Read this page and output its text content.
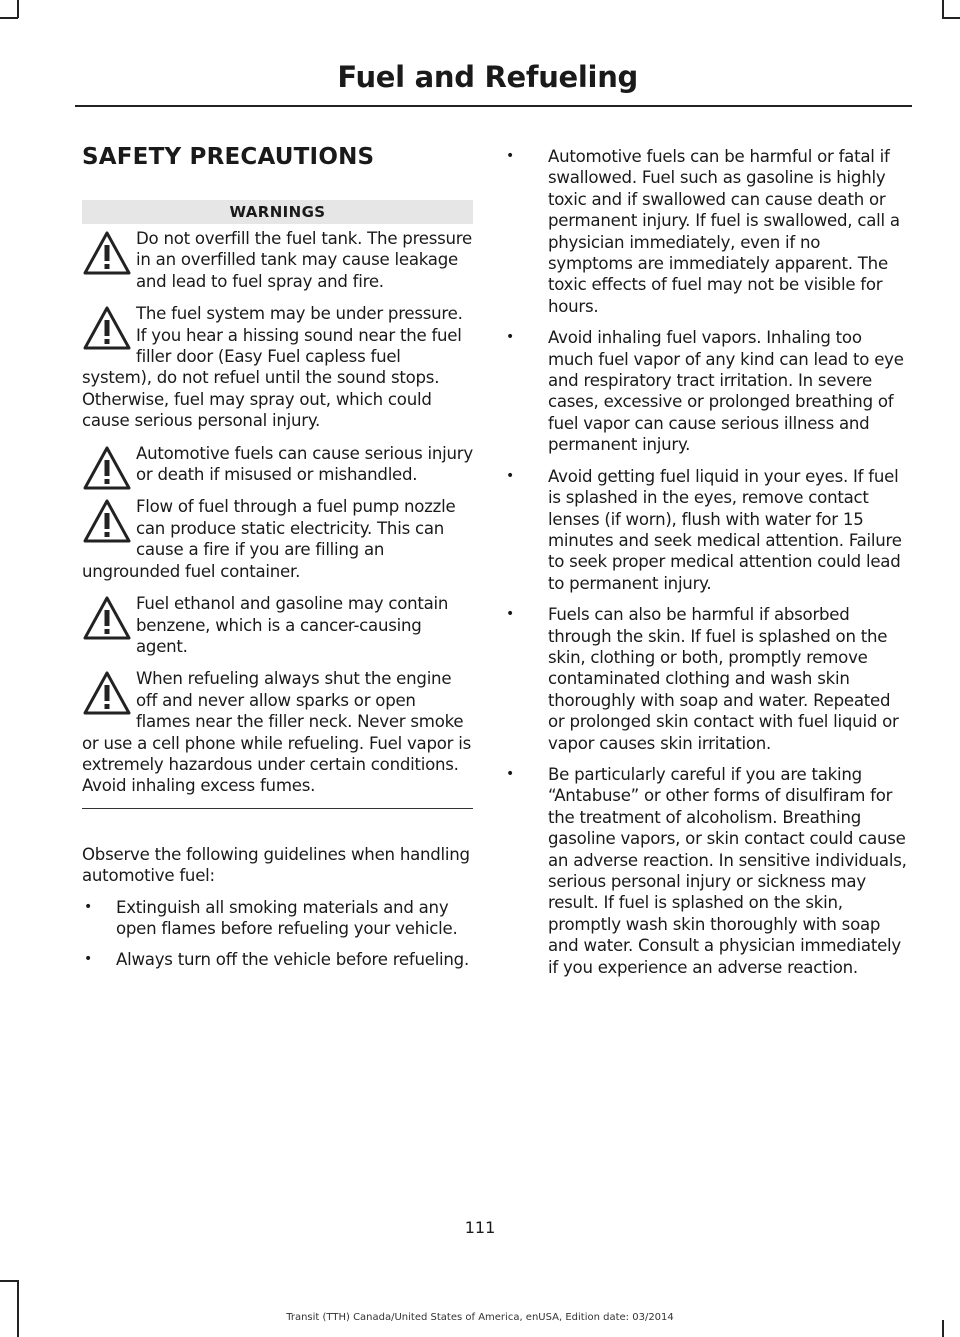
Fuel and Refueling
SAFETY PRECAUTIONS
WARNINGS
Do not overfill the fuel tank. The pressure in an overfilled tank may cause leakage and lead to fuel spray and fire.
The fuel system may be under pressure. If you hear a hissing sound near the fuel filler door (Easy Fuel capless fuel system), do not refuel until the sound stops. Otherwise, fuel may spray out, which could cause serious personal injury.
Automotive fuels can cause serious injury or death if misused or mishandled.
Flow of fuel through a fuel pump nozzle can produce static electricity. This can cause a fire if you are filling an ungrounded fuel container.
Fuel ethanol and gasoline may contain benzene, which is a cancer-causing agent.
When refueling always shut the engine off and never allow sparks or open flames near the filler neck. Never smoke or use a cell phone while refueling. Fuel vapor is extremely hazardous under certain conditions. Avoid inhaling excess fumes.
Observe the following guidelines when handling automotive fuel:
• Extinguish all smoking materials and any open flames before refueling your vehicle.
• Always turn off the vehicle before refueling.
• Automotive fuels can be harmful or fatal if swallowed. Fuel such as gasoline is highly toxic and if swallowed can cause death or permanent injury. If fuel is swallowed, call a physician immediately, even if no symptoms are immediately apparent. The toxic effects of fuel may not be visible for hours.
• Avoid inhaling fuel vapors. Inhaling too much fuel vapor of any kind can lead to eye and respiratory tract irritation. In severe cases, excessive or prolonged breathing of fuel vapor can cause serious illness and permanent injury.
• Avoid getting fuel liquid in your eyes. If fuel is splashed in the eyes, remove contact lenses (if worn), flush with water for 15 minutes and seek medical attention. Failure to seek proper medical attention could lead to permanent injury.
• Fuels can also be harmful if absorbed through the skin. If fuel is splashed on the skin, clothing or both, promptly remove contaminated clothing and wash skin thoroughly with soap and water. Repeated or prolonged skin contact with fuel liquid or vapor causes skin irritation.
• Be particularly careful if you are taking “Antabuse” or other forms of disulfiram for the treatment of alcoholism. Breathing gasoline vapors, or skin contact could cause an adverse reaction. In sensitive individuals, serious personal injury or sickness may result. If fuel is splashed on the skin, promptly wash skin thoroughly with soap and water. Consult a physician immediately if you experience an adverse reaction.
111
Transit (TTH) Canada/United States of America, enUSA, Edition date: 03/2014
